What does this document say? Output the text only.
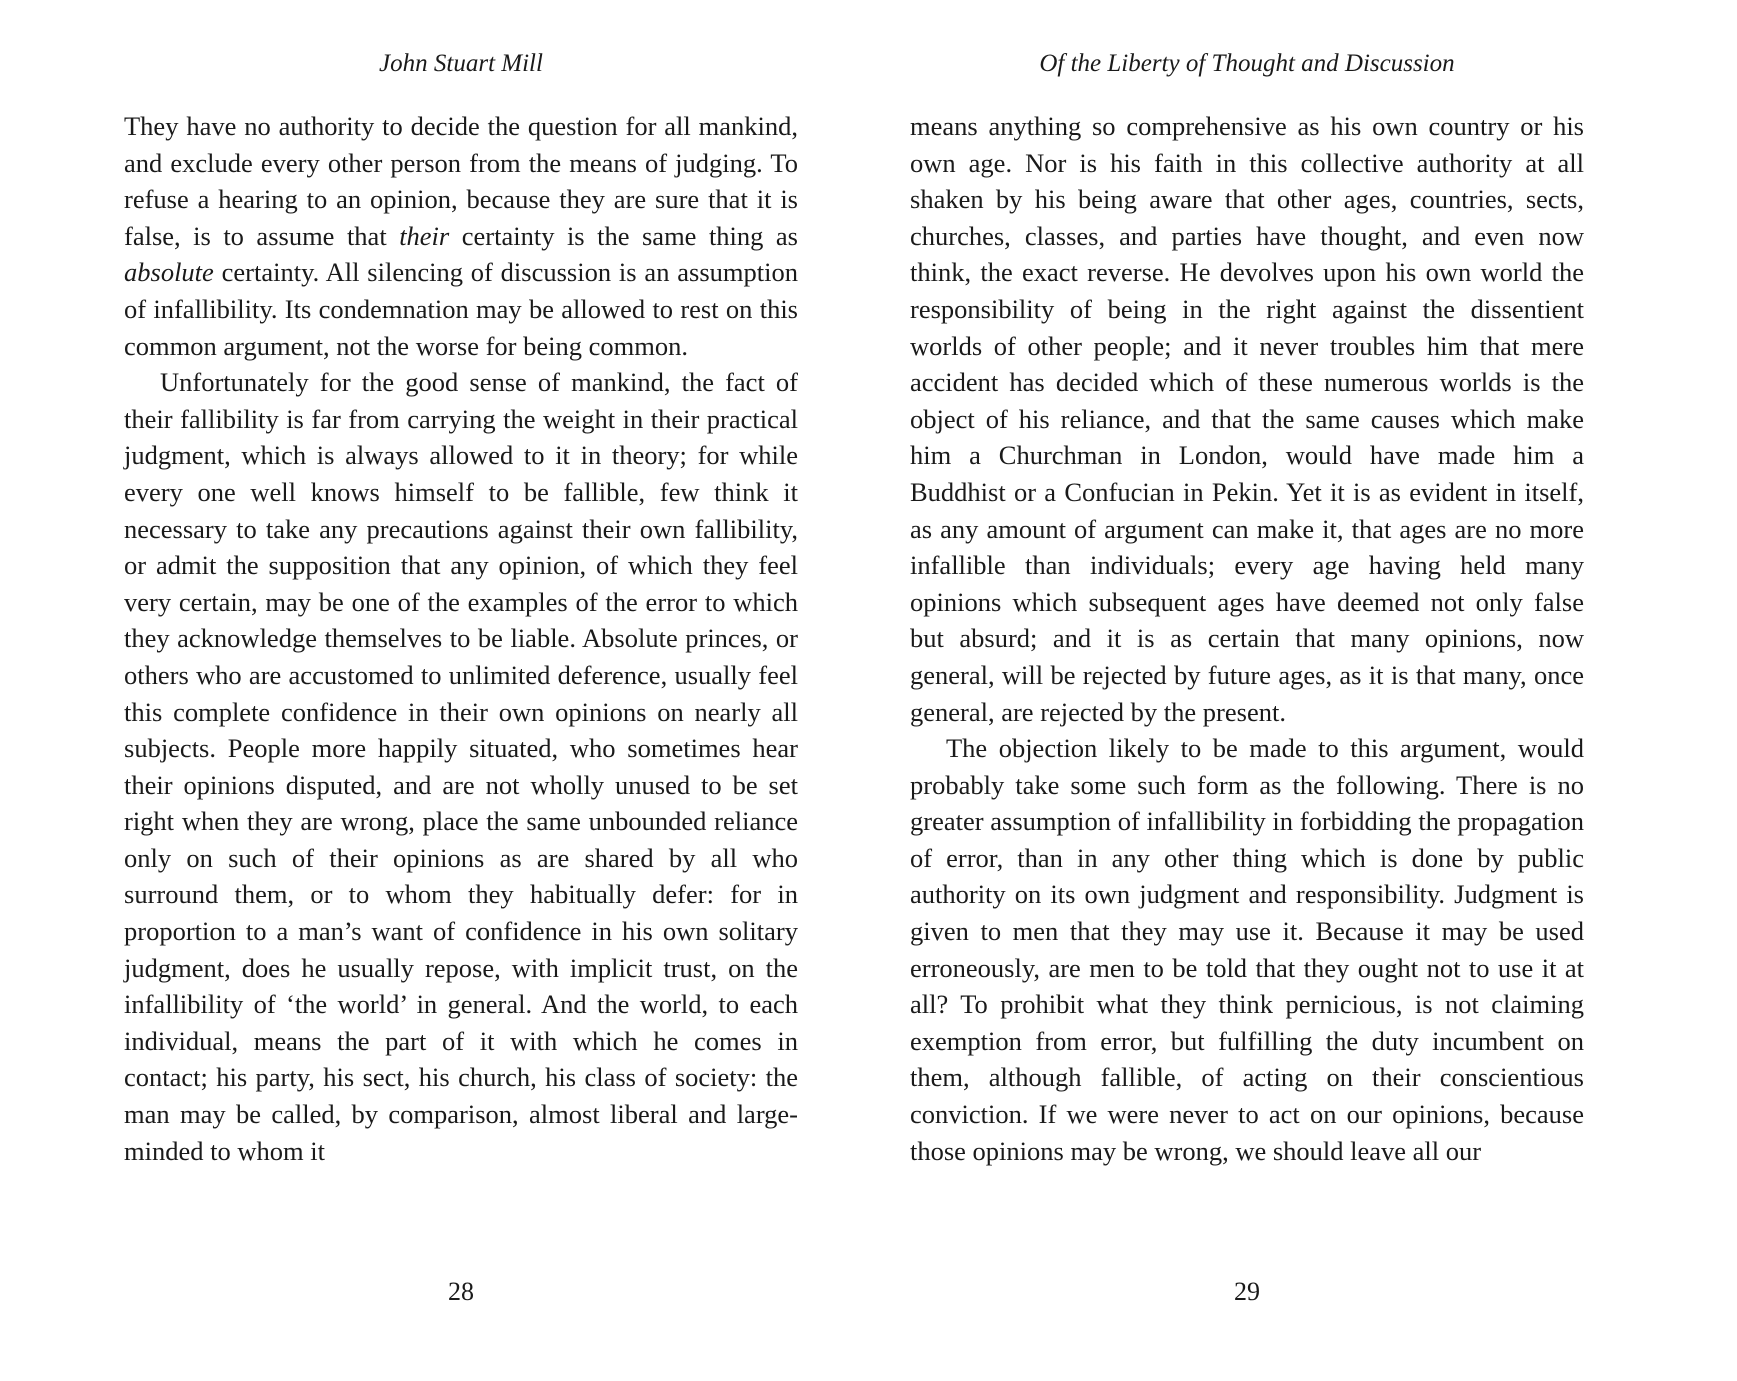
John Stuart Mill

They have no authority to decide the question for all mankind, and exclude every other person from the means of judging. To refuse a hearing to an opinion, because they are sure that it is false, is to assume that their certainty is the same thing as absolute certainty. All silencing of discussion is an assumption of infallibility. Its condemnation may be allowed to rest on this common argument, not the worse for being common.

Unfortunately for the good sense of mankind, the fact of their fallibility is far from carrying the weight in their practical judgment, which is always allowed to it in theory; for while every one well knows himself to be fallible, few think it necessary to take any precautions against their own fallibility, or admit the supposition that any opinion, of which they feel very certain, may be one of the examples of the error to which they acknowledge themselves to be liable. Absolute princes, or others who are accustomed to unlimited deference, usually feel this complete confidence in their own opinions on nearly all subjects. People more happily situated, who sometimes hear their opinions disputed, and are not wholly unused to be set right when they are wrong, place the same unbounded reliance only on such of their opinions as are shared by all who surround them, or to whom they habitually defer: for in proportion to a man’s want of confidence in his own solitary judgment, does he usually repose, with implicit trust, on the infallibility of ‘the world’ in general. And the world, to each individual, means the part of it with which he comes in contact; his party, his sect, his church, his class of society: the man may be called, by comparison, almost liberal and large-minded to whom it

28
Of the Liberty of Thought and Discussion

means anything so comprehensive as his own country or his own age. Nor is his faith in this collective authority at all shaken by his being aware that other ages, countries, sects, churches, classes, and parties have thought, and even now think, the exact reverse. He devolves upon his own world the responsibility of being in the right against the dissentient worlds of other people; and it never troubles him that mere accident has decided which of these numerous worlds is the object of his reliance, and that the same causes which make him a Churchman in London, would have made him a Buddhist or a Confucian in Pekin. Yet it is as evident in itself, as any amount of argument can make it, that ages are no more infallible than individuals; every age having held many opinions which subsequent ages have deemed not only false but absurd; and it is as certain that many opinions, now general, will be rejected by future ages, as it is that many, once general, are rejected by the present.

The objection likely to be made to this argument, would probably take some such form as the following. There is no greater assumption of infallibility in forbidding the propagation of error, than in any other thing which is done by public authority on its own judgment and responsibility. Judgment is given to men that they may use it. Because it may be used erroneously, are men to be told that they ought not to use it at all? To prohibit what they think pernicious, is not claiming exemption from error, but fulfilling the duty incumbent on them, although fallible, of acting on their conscientious conviction. If we were never to act on our opinions, because those opinions may be wrong, we should leave all our

29
